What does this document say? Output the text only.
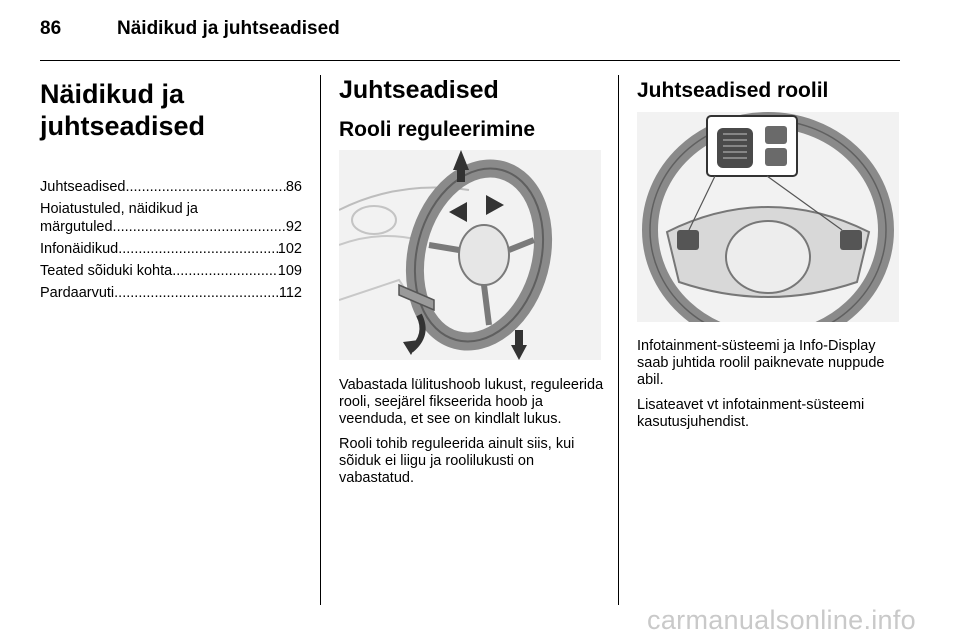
86	Näidikud ja juhtseadised
Näidikud ja
juhtseadised
Juhtseadised .....	86
Hoiatustuled, näidikud ja
märgutuled .....	92
Infonäidikud .....	102
Teated sõiduki kohta .....	109
Pardaarvuti .....	112
Juhtseadised
Rooli reguleerimine

Vabastada lülitushoob lukust, reguleerida rooli, seejärel fikseerida hoob ja veenduda, et see on kindlalt lukus.

Rooli tohib reguleerida ainult siis, kui sõiduk ei liigu ja roolilukusti on vabastatud.

Juhtseadised roolil

Infotainment-süsteemi ja Info-Display saab juhtida roolil paiknevate nuppude abil.

Lisateavet vt infotainment-süsteemi kasutusjuhendist.

carmanualsonline.info
